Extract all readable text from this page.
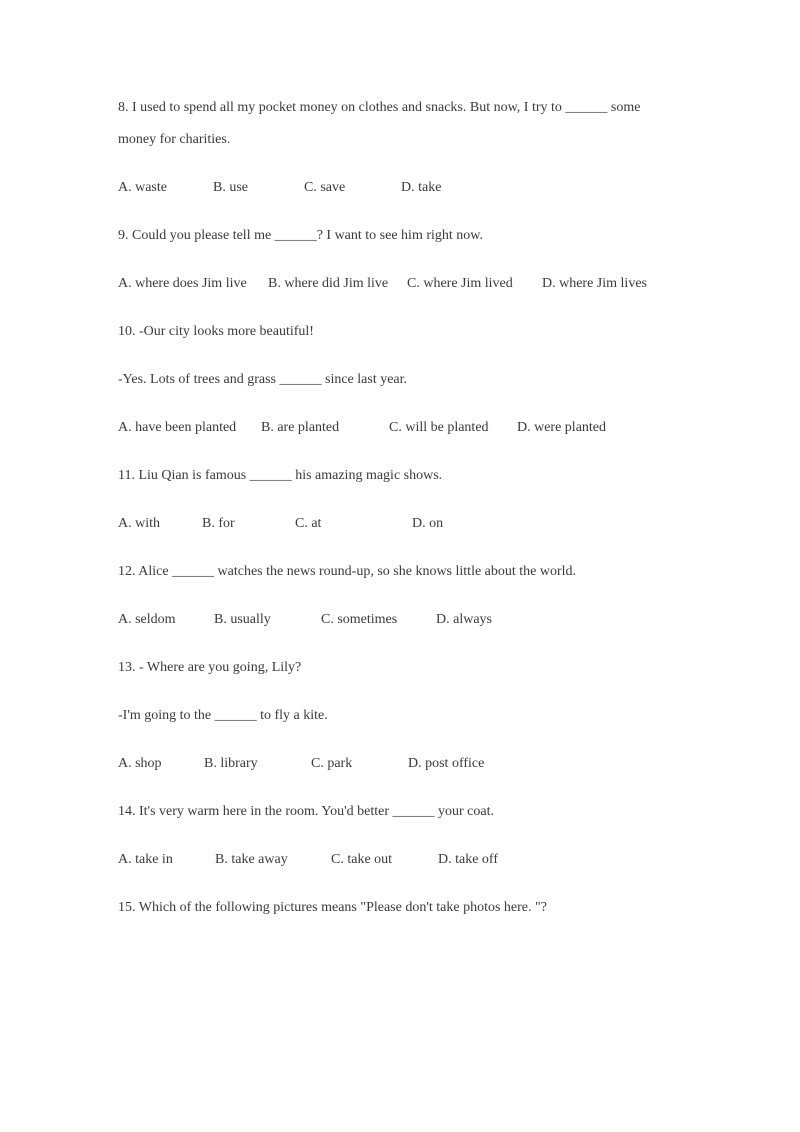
8. I used to spend all my pocket money on clothes and snacks. But now, I try to ______ some
money for charities.
A. waste	B. use	C. save	D. take
9. Could you please tell me ______? I want to see him right now.
A. where does Jim live B. where did Jim live C. where Jim lived D. where Jim lives
10. -Our city looks more beautiful!
-Yes. Lots of trees and grass ______ since last year.
A. have been planted B. are planted	C. will be planted D. were planted
11. Liu Qian is famous ______ his amazing magic shows.
A. with	B. for	C. at	D. on
12. Alice ______ watches the news round-up, so she knows little about the world.
A. seldom	B. usually	C. sometimes	D. always
13. - Where are you going, Lily?
-I'm going to the ______ to fly a kite.
A. shop	B. library	C. park	D. post office
14. It's very warm here in the room. You'd better ______ your coat.
A. take in	B. take away	C. take out	D. take off
15. Which of the following pictures means "Please don't take photos here. "?
